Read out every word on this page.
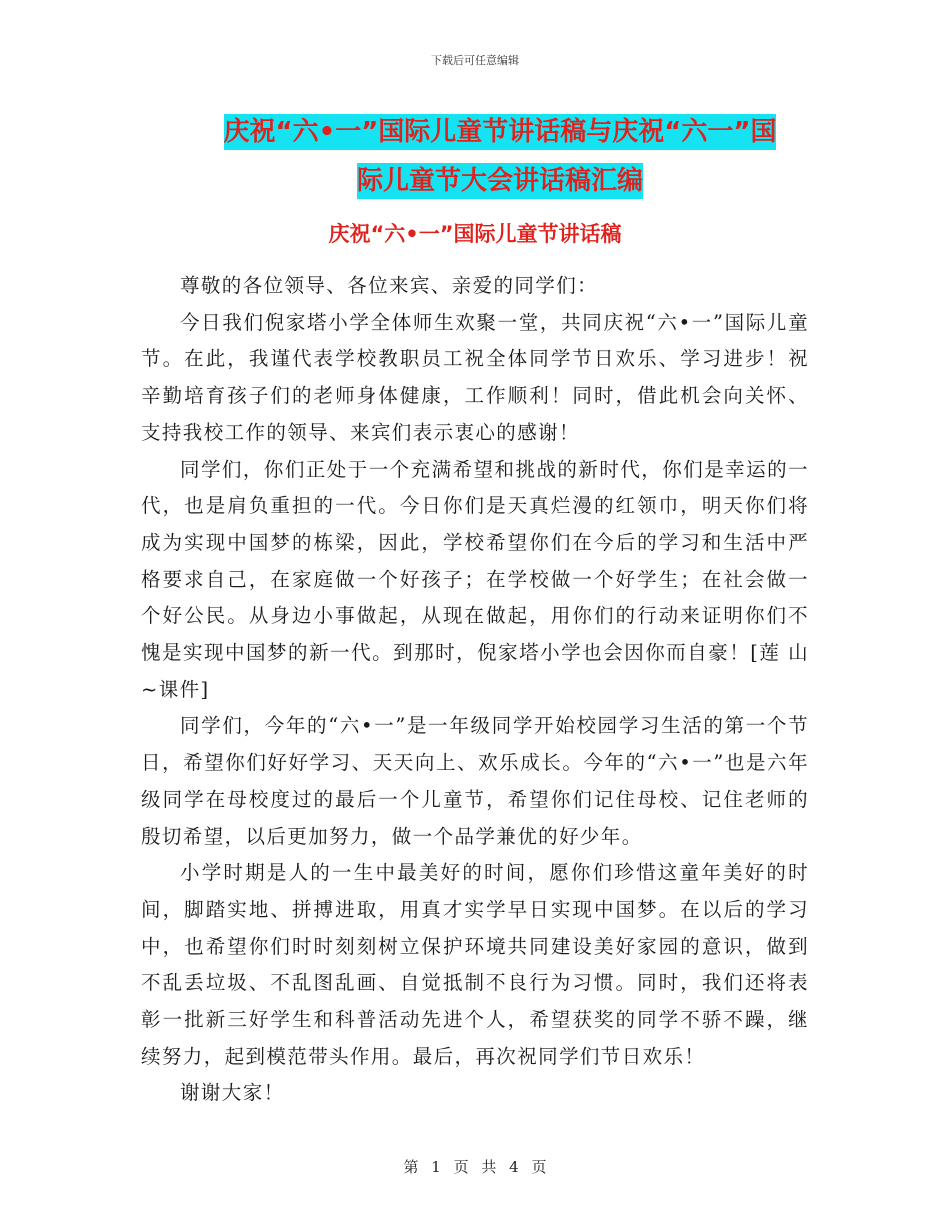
下载后可任意编辑
庆祝“六•一”国际儿童节讲话稿与庆祝“六一”国
际儿童节大会讲话稿汇编
庆祝“六•一”国际儿童节讲话稿

尊敬的各位领导、各位来宾、亲爱的同学们：

今日我们倪家塔小学全体师生欢聚一堂，共同庆祝“六•一”国际儿童节。在此，我谨代表学校教职员工祝全体同学节日欢乐、学习进步！祝辛勤培育孩子们的老师身体健康，工作顺利！同时，借此机会向关怀、支持我校工作的领导、来宾们表示衷心的感谢！

同学们，你们正处于一个充满希望和挑战的新时代，你们是幸运的一代，也是肩负重担的一代。今日你们是天真烂漫的红领巾，明天你们将成为实现中国梦的栋梁，因此，学校希望你们在今后的学习和生活中严格要求自己，在家庭做一个好孩子；在学校做一个好学生；在社会做一个好公民。从身边小事做起，从现在做起，用你们的行动来证明你们不愧是实现中国梦的新一代。到那时，倪家塔小学也会因你而自豪！[莲 山~课件]

同学们，今年的“六•一”是一年级同学开始校园学习生活的第一个节日，希望你们好好学习、天天向上、欢乐成长。今年的“六•一”也是六年级同学在母校度过的最后一个儿童节，希望你们记住母校、记住老师的殷切希望，以后更加努力，做一个品学兼优的好少年。

小学时期是人的一生中最美好的时间，愿你们珍惜这童年美好的时间，脚踏实地、拼搏进取，用真才实学早日实现中国梦。在以后的学习中，也希望你们时时刻刻树立保护环境共同建设美好家园的意识，做到不乱丢垃圾、不乱图乱画、自觉抵制不良行为习惯。同时，我们还将表彰一批新三好学生和科普活动先进个人，希望获奖的同学不骄不躁，继续努力，起到模范带头作用。最后，再次祝同学们节日欢乐！

谢谢大家！

第 1 页 共 4 页
